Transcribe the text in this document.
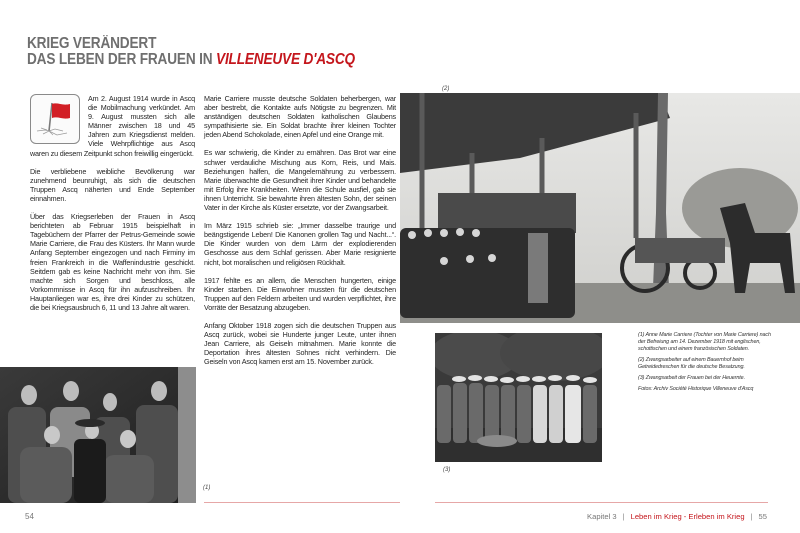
KRIEG VERÄNDERT
DAS LEBEN DER FRAUEN IN VILLENEUVE D'ASCQ

Am 2. August 1914 wurde in Ascq die Mobilmachung verkündet. Am 9. August mussten sich alle Männer zwischen 18 und 45 Jahren zum Kriegsdienst melden. Viele Wehrpflichtige aus Ascq waren zu diesem Zeitpunkt schon freiwillig eingerückt.

Die verbliebene weibliche Bevölkerung war zunehmend beunruhigt, als sich die deutschen Truppen Ascq näherten und Ende September einnahmen.

Über das Kriegserleben der Frauen in Ascq berichteten ab Februar 1915 beispielhaft in Tagebüchern der Pfarrer der Petrus-Gemeinde sowie Marie Carriere, die Frau des Küsters. Ihr Mann wurde Anfang September eingezogen und nach Firminy im freien Frankreich in die Waffenindustrie geschickt. Seitdem gab es keine Nachricht mehr von ihm. Sie machte sich Sorgen und beschloss, alle Vorkommnisse in Ascq für ihn aufzuschreiben. Ihr Hauptanliegen war es, ihre drei Kinder zu schützen, die bei Kriegsausbruch 6, 11 und 13 Jahre alt waren.

Marie Carriere musste deutsche Soldaten beherbergen, war aber bestrebt, die Kontakte aufs Nötigste zu begrenzen. Mit anständigen deutschen Soldaten katholischen Glaubens sympathisierte sie. Ein Soldat brachte ihrer kleinen Tochter jeden Abend Schokolade, einen Apfel und eine Orange mit.

Es war schwierig, die Kinder zu ernähren. Das Brot war eine schwer verdauliche Mischung aus Korn, Reis, und Mais. Beziehungen halfen, die Mangelernährung zu verbessern. Marie überwachte die Gesundheit ihrer Kinder und behandelte mit Erfolg ihre Krankheiten. Wenn die Schule ausfiel, gab sie ihnen Unterricht. Sie bewahrte ihren ältesten Sohn, der seinen Vater in der Kirche als Küster ersetzte, vor der Zwangsarbeit.

Im März 1915 schrieb sie: „Immer dasselbe traurige und beängstigende Leben! Die Kanonen grollen Tag und Nacht...“. Die Kinder wurden von dem Lärm der explodierenden Geschosse aus dem Schlaf gerissen. Aber Marie resignierte nicht, bot moralischen und religiösen Rückhalt.

1917 fehlte es an allem, die Menschen hungerten, einige Kinder starben. Die Einwohner mussten für die deutschen Truppen auf den Feldern arbeiten und wurden verpflichtet, ihre Vorräte der Besatzung abzugeben.

Anfang Oktober 1918 zogen sich die deutschen Truppen aus Ascq zurück, wobei sie Hunderte junger Leute, unter ihnen Jean Carriere, als Geiseln mitnahmen. Marie konnte die Deportation ihres ältesten Sohnes nicht verhindern. Die Geiseln von Ascq kamen erst am 15. November zurück.

(1)
(2)
(3)

(1) Anne Marie Carriere (Tochter von Marie Carriere) nach der Befreiung am 14. Dezember 1918 mit englischen, schottischen und einem französischen Soldaten.

(2) Zwangsarbeiter auf einem Bauernhof beim Getreidedreschen für die deutsche Besatzung.

(3) Zwangsarbeit der Frauen bei der Heuernte.

Fotos: Archiv Société Historique Villeneuve d'Ascq

54	Kapitel 3 | Leben im Krieg - Erleben im Krieg | 55
